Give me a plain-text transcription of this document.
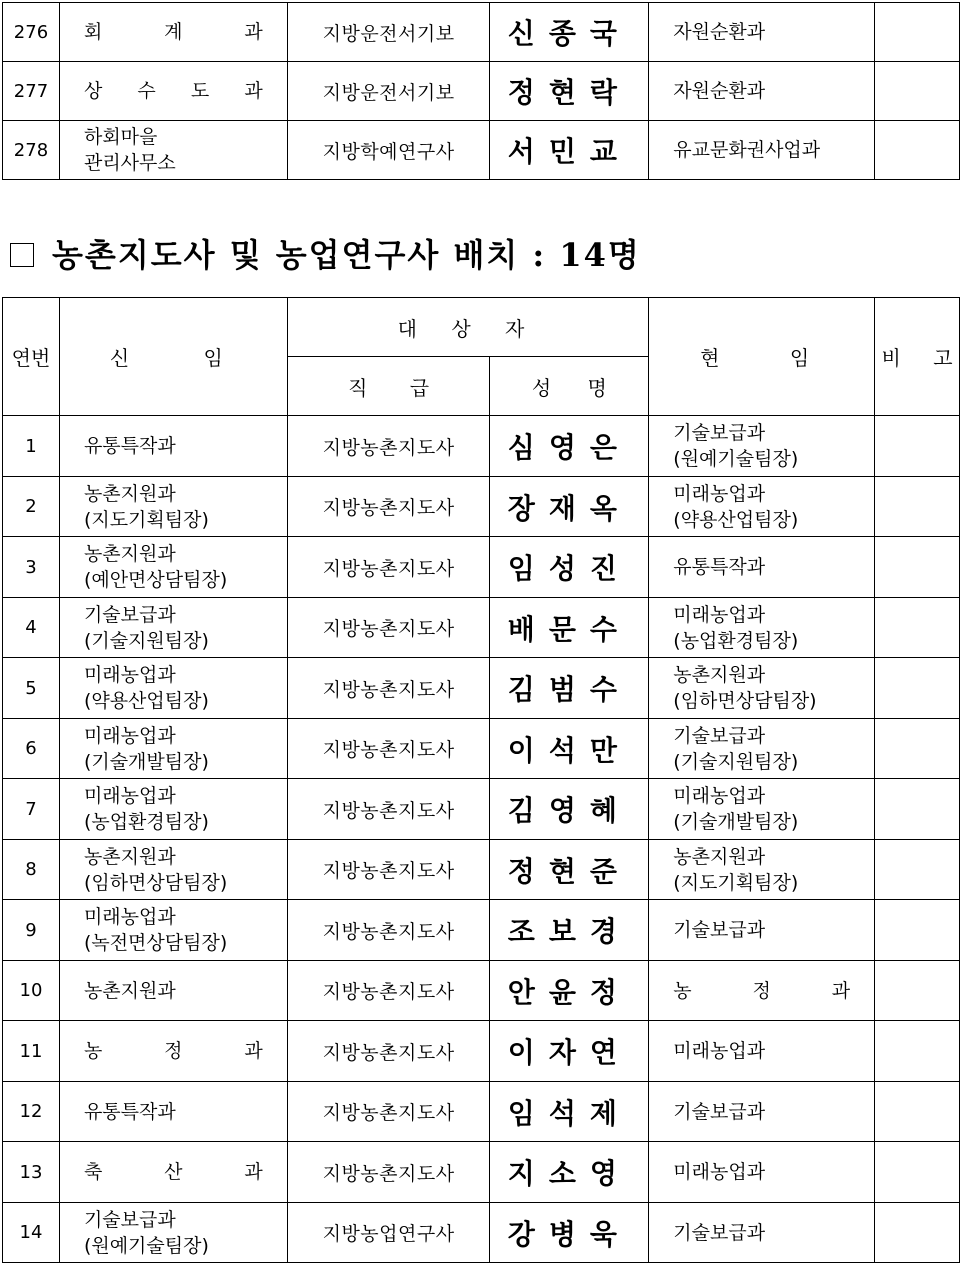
276	회 계 과	지방운전서기보	신종국	자원순환과	

277	상 수 도 과	지방운전서기보	정현락	자원순환과	

278	하회마을
관리사무소	지방학예연구사	서민교	유교문화권사업과	

농촌지도사 및 농업연구사 배치 : 14명
연번	신 임	대 상 자		현 임	비 고
		직 급	성 명		
1	유통특작과	지방농촌지도사	심영은	기술보급과
(원예기술팀장)	

2	농촌지원과
(지도기획팀장)	지방농촌지도사	장재옥	미래농업과
(약용산업팀장)	

3	농촌지원과
(예안면상담팀장)	지방농촌지도사	임성진	유통특작과	

4	기술보급과
(기술지원팀장)	지방농촌지도사	배문수	미래농업과
(농업환경팀장)	

5	미래농업과
(약용산업팀장)	지방농촌지도사	김범수	농촌지원과
(임하면상담팀장)	

6	미래농업과
(기술개발팀장)	지방농촌지도사	이석만	기술보급과
(기술지원팀장)	

7	미래농업과
(농업환경팀장)	지방농촌지도사	김영혜	미래농업과
(기술개발팀장)	

8	농촌지원과
(임하면상담팀장)	지방농촌지도사	정현준	농촌지원과
(지도기획팀장)	

9	미래농업과
(녹전면상담팀장)	지방농촌지도사	조보경	기술보급과	

10	농촌지원과	지방농촌지도사	안윤정	농 정 과	

11	농 정 과	지방농촌지도사	이자연	미래농업과	

12	유통특작과	지방농촌지도사	임석제	기술보급과	

13	축 산 과	지방농촌지도사	지소영	미래농업과	

14	기술보급과
(원예기술팀장)	지방농업연구사	강병욱	기술보급과	
